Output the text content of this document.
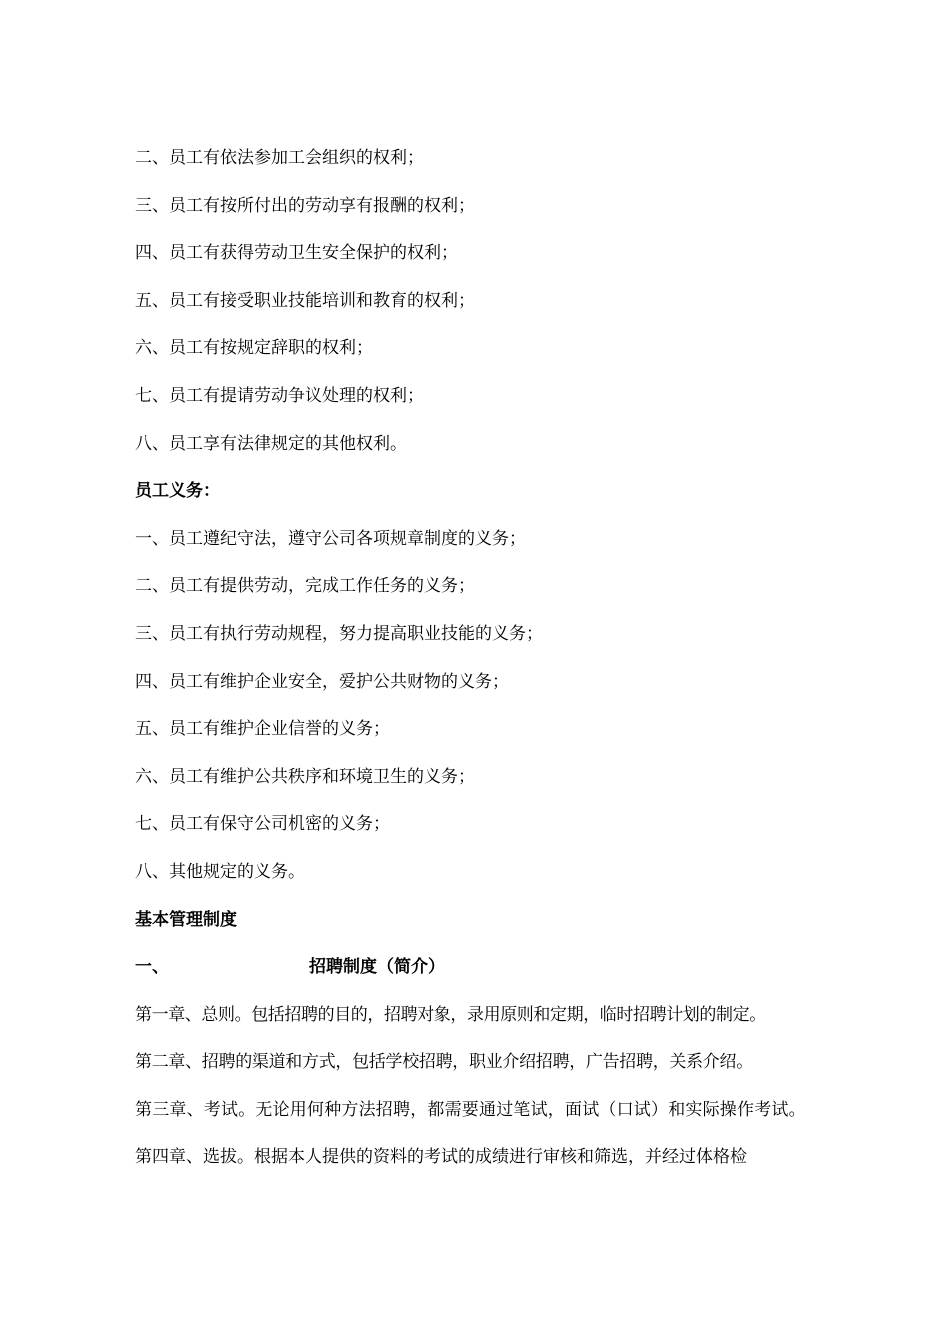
二、员工有依法参加工会组织的权利；
三、员工有按所付出的劳动享有报酬的权利；
四、员工有获得劳动卫生安全保护的权利；
五、员工有接受职业技能培训和教育的权利；
六、员工有按规定辞职的权利；
七、员工有提请劳动争议处理的权利；
八、员工享有法律规定的其他权利。
员工义务：
一、员工遵纪守法，遵守公司各项规章制度的义务；
二、员工有提供劳动，完成工作任务的义务；
三、员工有执行劳动规程，努力提高职业技能的义务；
四、员工有维护企业安全，爱护公共财物的义务；
五、员工有维护企业信誉的义务；
六、员工有维护公共秩序和环境卫生的义务；
七、员工有保守公司机密的义务；
八、其他规定的义务。
基本管理制度
一、	招聘制度（简介）
第一章、总则。包括招聘的目的，招聘对象，录用原则和定期，临时招聘计划的制定。
第二章、招聘的渠道和方式，包括学校招聘，职业介绍招聘，广告招聘，关系介绍。
第三章、考试。无论用何种方法招聘，都需要通过笔试，面试（口试）和实际操作考试。
第四章、选拔。根据本人提供的资料的考试的成绩进行审核和筛选，并经过体格检
